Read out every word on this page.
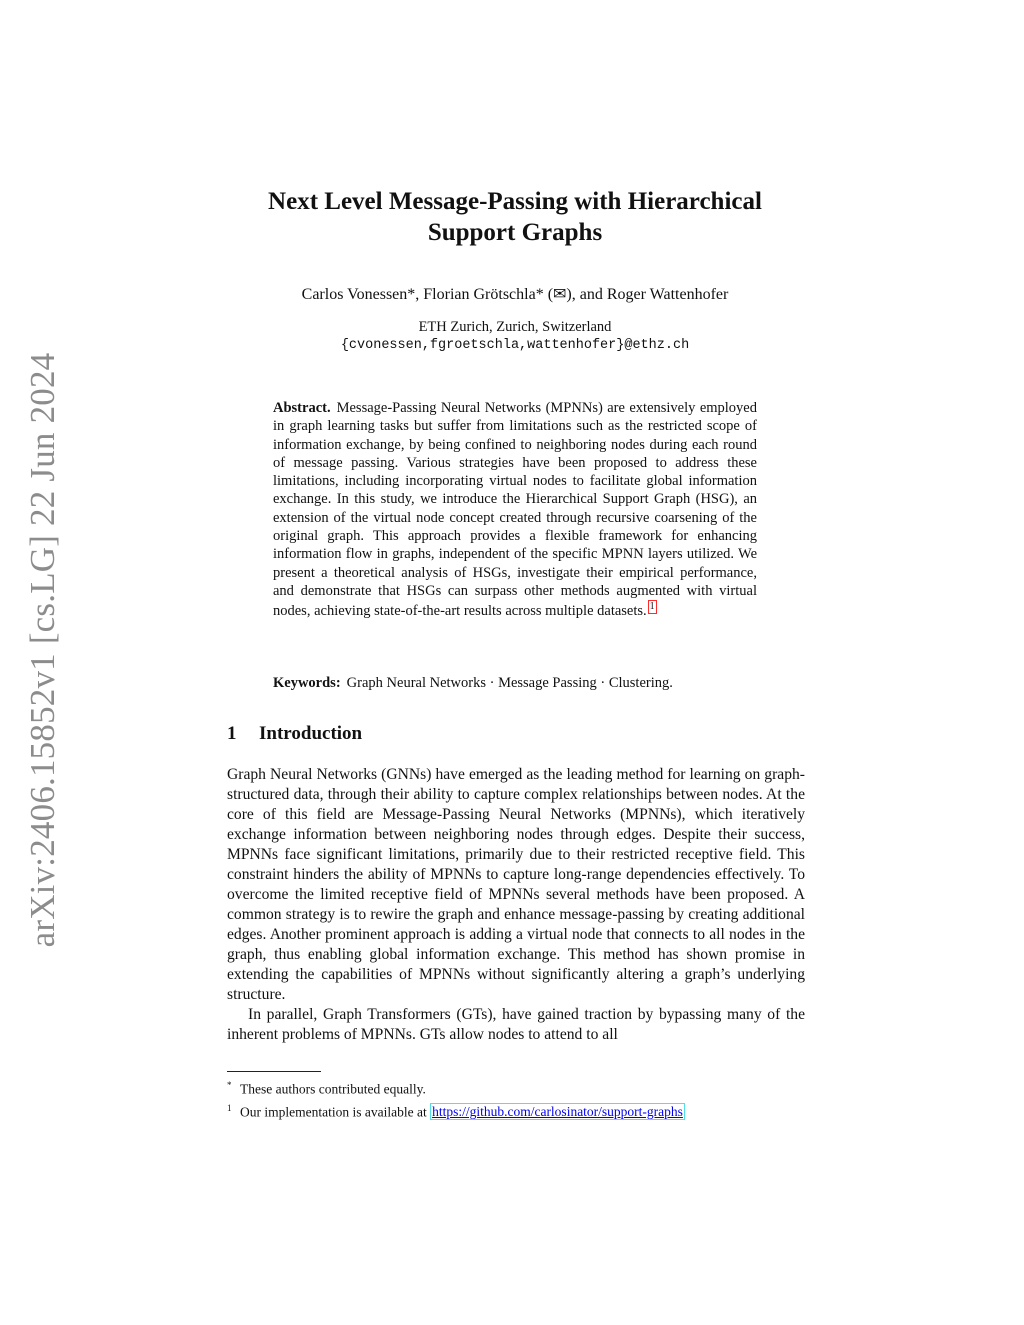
arXiv:2406.15852v1 [cs.LG] 22 Jun 2024
Next Level Message-Passing with Hierarchical
Support Graphs
Carlos Vonessen*, Florian Grötschla* (✉), and Roger Wattenhofer
ETH Zurich, Zurich, Switzerland
{cvonessen,fgroetschla,wattenhofer}@ethz.ch
Abstract. Message-Passing Neural Networks (MPNNs) are extensively employed in graph learning tasks but suffer from limitations such as the restricted scope of information exchange, by being confined to neighboring nodes during each round of message passing. Various strategies have been proposed to address these limitations, including incorporating virtual nodes to facilitate global information exchange. In this study, we introduce the Hierarchical Support Graph (HSG), an extension of the virtual node concept created through recursive coarsening of the original graph. This approach provides a flexible framework for enhancing information flow in graphs, independent of the specific MPNN layers utilized. We present a theoretical analysis of HSGs, investigate their empirical performance, and demonstrate that HSGs can surpass other methods augmented with virtual nodes, achieving state-of-the-art results across multiple datasets. 1
Keywords: Graph Neural Networks · Message Passing · Clustering.
1 Introduction

Graph Neural Networks (GNNs) have emerged as the leading method for learning on graph-structured data, through their ability to capture complex relationships between nodes. At the core of this field are Message-Passing Neural Networks (MPNNs), which iteratively exchange information between neighboring nodes through edges. Despite their success, MPNNs face significant limitations, primarily due to their restricted receptive field. This constraint hinders the ability of MPNNs to capture long-range dependencies effectively. To overcome the limited receptive field of MPNNs several methods have been proposed. A common strategy is to rewire the graph and enhance message-passing by creating additional edges. Another prominent approach is adding a virtual node that connects to all nodes in the graph, thus enabling global information exchange. This method has shown promise in extending the capabilities of MPNNs without significantly altering a graph’s underlying structure.

In parallel, Graph Transformers (GTs), have gained traction by bypassing many of the inherent problems of MPNNs. GTs allow nodes to attend to all

* These authors contributed equally.
1 Our implementation is available at https://github.com/carlosinator/support-graphs
